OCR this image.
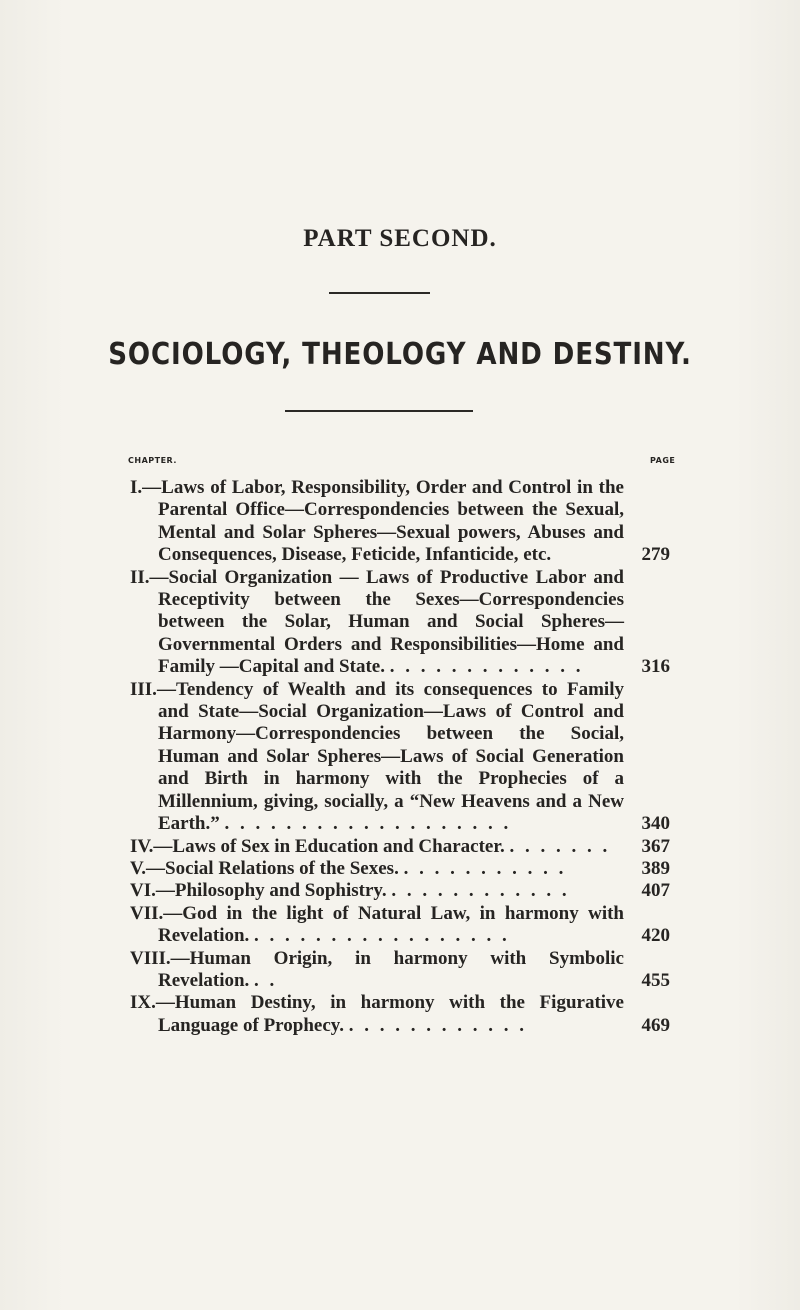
PART SECOND.
SOCIOLOGY, THEOLOGY AND DESTINY.
CHAPTER.	PAGE
I.—Laws of Labor, Responsibility, Order and Control in the Parental Office—Correspondencies between the Sexual, Mental and Solar Spheres—Sexual powers, Abuses and Consequences, Disease, Feticide, Infanticide, etc.	279
II.—Social Organization — Laws of Productive Labor and Receptivity between the Sexes—Correspondencies between the Solar, Human and Social Spheres—Governmental Orders and Responsibilities—Home and Family —Capital and State. . . . . . . . . . . . . .	316
III.—Tendency of Wealth and its consequences to Family and State—Social Organization—Laws of Control and Harmony—Correspondencies between the Social, Human and Solar Spheres—Laws of Social Generation and Birth in harmony with the Prophecies of a Millennium, giving, socially, a “New Heavens and a New Earth.” . . . . . . . . . . . . . . . . . . .	340
IV.—Laws of Sex in Education and Character. . . . . . . .	367
V.—Social Relations of the Sexes. . . . . . . . . . . .	389
VI.—Philosophy and Sophistry. . . . . . . . . . . . .	407
VII.—God in the light of Natural Law, in harmony with Revelation. . . . . . . . . . . . . . . . . .	420
VIII.—Human Origin, in harmony with Symbolic Revelation. . .	455
IX.—Human Destiny, in harmony with the Figurative Language of Prophecy. . . . . . . . . . . . .	469
